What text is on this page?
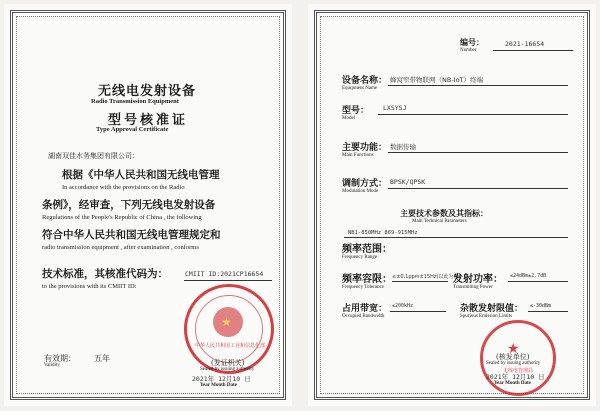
无线电发射设备
Radio Transmission Equipment
型号核准证
Type Approval Certificate
湖南双佳水务集团有限公司：
根据《中华人民共和国无线电管理
In accordance with the provisions on the Radio
条例》，经审查，下列无线电发射设备
Regulations of the People's Republic of China , the following
符合中华人民共和国无线电管理规定和
radio transmission equipment , after examination , conforms
技术标准，其核准代码为：
to the provisions with its CMIIT ID:
CMIIT ID:2021CP16654
★
中华人民共和国工业和信息化部
(发证机关)
Sealed by issuing authority
有效期：
Validity
五年
2021年 12月10 日
Year Month Date
编号：
Number
2021-16654
设备名称：
Equipment Name
蜂窝窄带物联网（NB-IoT）终端
型号：
Model
LXSYSJ
主要功能：
Main Functions
数据传输
调制方式：
Modulation Mode
BPSK/QPSK
主要技术参数及其指标：
Main Technical Parameters
频率范围：
Frequency Range
NB1-850MHz 869-915MHz
频率容限：
Frequency Tolerance
≤±0.1ppm±15Hz(以此为准)
发射功率：
Transmitting Power
≤24dBm±2.7dB
占用带宽：
Occupied Bandwidth
≤200kHz	杂散发射限值：
Spurious Emission Limits
≤-30dBm
★
无线电管理局
(核发单位)
Sealed by issuing authority
2021年 12月10 日
Year Month Date
